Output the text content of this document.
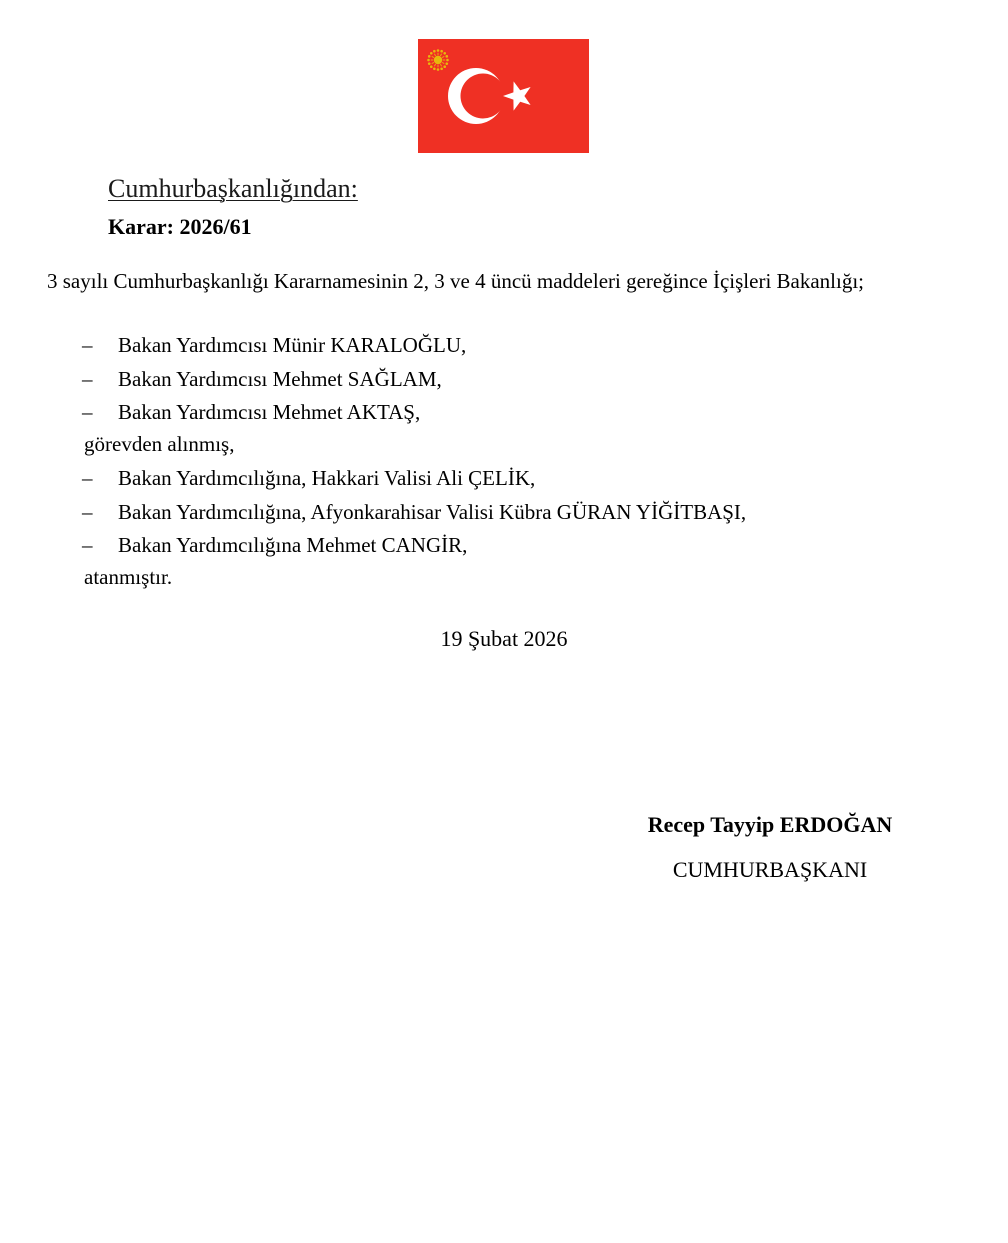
Cumhurbaşkanlığından:
Karar: 2026/61

3 sayılı Cumhurbaşkanlığı Kararnamesinin 2, 3 ve 4 üncü maddeleri gereğince İçişleri Bakanlığı;

– Bakan Yardımcısı Münir KARALOĞLU,
– Bakan Yardımcısı Mehmet SAĞLAM,
– Bakan Yardımcısı Mehmet AKTAŞ,
görevden alınmış,
– Bakan Yardımcılığına, Hakkari Valisi Ali ÇELİK,
– Bakan Yardımcılığına, Afyonkarahisar Valisi Kübra GÜRAN YİĞİTBAŞI,
– Bakan Yardımcılığına Mehmet CANGİR,
atanmıştır.
19 Şubat 2026
Recep Tayyip ERDOĞAN
CUMHURBAŞKANI
